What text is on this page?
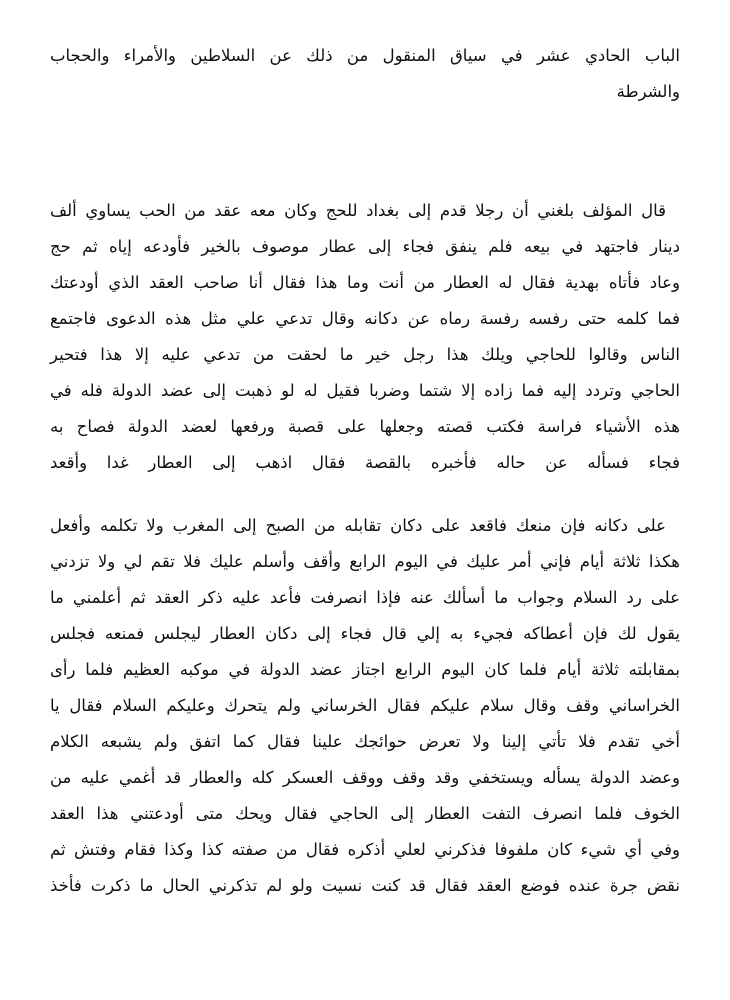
الباب الحادي عشر في سياق المنقول من ذلك عن السلاطين والأمراء والحجاب
والشرطة
قال المؤلف بلغني أن رجلا قدم إلى بغداد للحج وكان معه عقد من الحب يساوي ألف
دينار فاجتهد في بيعه فلم ينفق فجاء إلى عطار موصوف بالخير فأودعه إياه ثم حج
وعاد فأتاه بهدية فقال له العطار من أنت وما هذا فقال أنا صاحب العقد الذي أودعتك
فما كلمه حتى رفسه رفسة رماه عن دكانه وقال تدعي علي مثل هذه الدعوى فاجتمع
الناس وقالوا للحاجي ويلك هذا رجل خير ما لحقت من تدعي عليه إلا هذا فتحير
الحاجي وتردد إليه فما زاده إلا شتما وضربا فقيل له لو ذهبت إلى عضد الدولة فله في
هذه الأشياء فراسة فكتب قصته وجعلها على قصبة ورفعها لعضد الدولة فصاح به
فجاء فسأله عن حاله فأخبره بالقصة فقال اذهب إلى العطار غدا وأقعد
على دكانه فإن منعك فاقعد على دكان تقابله من الصبح إلى المغرب ولا تكلمه وأفعل
هكذا ثلاثة أيام فإني أمر عليك في اليوم الرابع وأقف وأسلم عليك فلا تقم لي ولا تزدني
على رد السلام وجواب ما أسألك عنه فإذا انصرفت فأعد عليه ذكر العقد ثم أعلمني ما
يقول لك فإن أعطاكه فجيء به إلي قال فجاء إلى دكان العطار ليجلس فمنعه فجلس
بمقابلته ثلاثة أيام فلما كان اليوم الرابع اجتاز عضد الدولة في موكبه العظيم فلما رأى
الخراساني وقف وقال سلام عليكم فقال الخرساني ولم يتحرك وعليكم السلام فقال يا
أخي تقدم فلا تأتي إلينا ولا تعرض حوائجك علينا فقال كما اتفق ولم يشبعه الكلام
وعضد الدولة يسأله ويستخفي وقد وقف ووقف العسكر كله والعطار قد أغمي عليه من
الخوف فلما انصرف التفت العطار إلى الحاجي فقال ويحك متى أودعتني هذا العقد
وفي أي شيء كان ملفوفا فذكرني لعلي أذكره فقال من صفته كذا وكذا فقام وفتش ثم
نقض جرة عنده فوضع العقد فقال قد كنت نسيت ولو لم تذكرني الحال ما ذكرت فأخذ
